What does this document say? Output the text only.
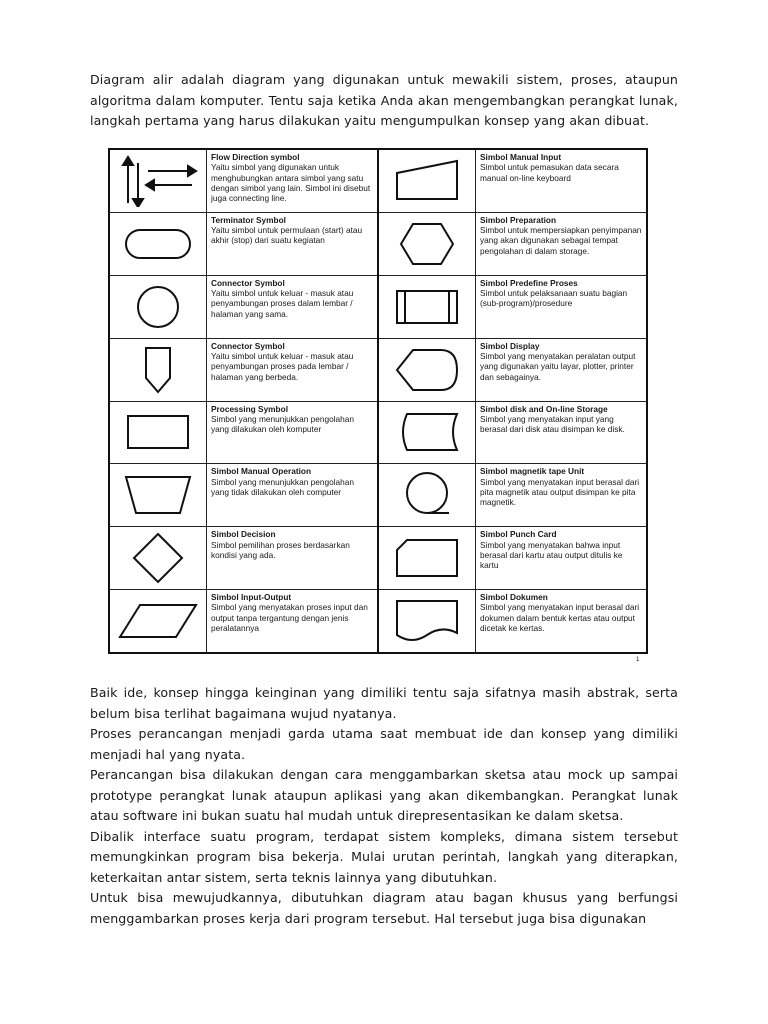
Diagram alir adalah diagram yang digunakan untuk mewakili sistem, proses, ataupun algoritma dalam komputer. Tentu saja ketika Anda akan mengembangkan perangkat lunak, langkah pertama yang harus dilakukan yaitu mengumpulkan konsep yang akan dibuat.

Flow Direction symbol
Yaitu simbol yang digunakan untuk menghubungkan antara simbol yang satu dengan simbol yang lain. Simbol ini disebut juga connecting line.
Terminator Symbol
Yaitu simbol untuk permulaan (start) atau akhir (stop) dari suatu kegiatan
Connector Symbol
Yaitu simbol untuk keluar - masuk atau penyambungan proses dalam lembar / halaman yang sama.
Connector Symbol
Yaitu simbol untuk keluar - masuk atau penyambungan proses pada lembar / halaman yang berbeda.
Processing Symbol
Simbol yang menunjukkan pengolahan yang dilakukan oleh komputer
Simbol Manual Operation
Simbol yang menunjukkan pengolahan yang tidak dilakukan oleh computer
Simbol Decision
Simbol pemilihan proses berdasarkan kondisi yang ada.
Simbol Input-Output
Simbol yang menyatakan proses input dan output tanpa tergantung dengan jenis peralatannya
Simbol Manual Input
Simbol untuk pemasukan data secara manual on-line keyboard
Simbol Preparation
Simbol untuk mempersiapkan penyimpanan yang akan digunakan sebagai tempat pengolahan di dalam storage.
Simbol Predefine Proses
Simbol untuk pelaksanaan suatu bagian (sub-program)/prosedure
Simbol Display
Simbol yang menyatakan peralatan output yang digunakan yaitu layar, plotter, printer dan sebagainya.
Simbol disk and On-line Storage
Simbol yang menyatakan input yang berasal dari disk atau disimpan ke disk.
Simbol magnetik tape Unit
Simbol yang menyatakan input berasal dari pita magnetik atau output disimpan ke pita magnetik.
Simbol Punch Card
Simbol yang menyatakan bahwa input berasal dari kartu atau output ditulis ke kartu
Simbol Dokumen
Simbol yang menyatakan input berasal dari dokumen dalam bentuk kertas atau output dicetak ke kertas.
1

Baik ide, konsep hingga keinginan yang dimiliki tentu saja sifatnya masih abstrak, serta belum bisa terlihat bagaimana wujud nyatanya.

Proses perancangan menjadi garda utama saat membuat ide dan konsep yang dimiliki menjadi hal yang nyata.

Perancangan bisa dilakukan dengan cara menggambarkan sketsa atau mock up sampai prototype perangkat lunak ataupun aplikasi yang akan dikembangkan. Perangkat lunak atau software ini bukan suatu hal mudah untuk direpresentasikan ke dalam sketsa.

Dibalik interface suatu program, terdapat sistem kompleks, dimana sistem tersebut memungkinkan program bisa bekerja. Mulai urutan perintah, langkah yang diterapkan, keterkaitan antar sistem, serta teknis lainnya yang dibutuhkan.

Untuk bisa mewujudkannya, dibutuhkan diagram atau bagan khusus yang berfungsi menggambarkan proses kerja dari program tersebut. Hal tersebut juga bisa digunakan
